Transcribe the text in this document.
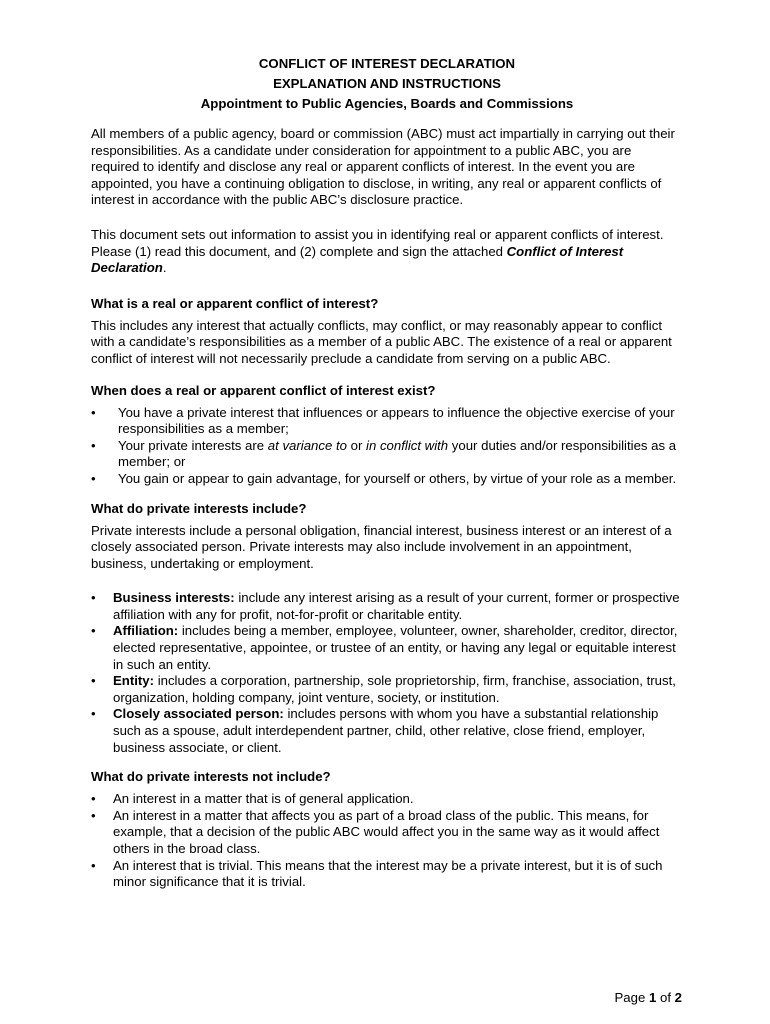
CONFLICT OF INTEREST DECLARATION
EXPLANATION AND INSTRUCTIONS
Appointment to Public Agencies, Boards and Commissions

All members of a public agency, board or commission (ABC) must act impartially in carrying out their responsibilities. As a candidate under consideration for appointment to a public ABC, you are required to identify and disclose any real or apparent conflicts of interest. In the event you are appointed, you have a continuing obligation to disclose, in writing, any real or apparent conflicts of interest in accordance with the public ABC’s disclosure practice.

This document sets out information to assist you in identifying real or apparent conflicts of interest. Please (1) read this document, and (2) complete and sign the attached Conflict of Interest Declaration.

What is a real or apparent conflict of interest?

This includes any interest that actually conflicts, may conflict, or may reasonably appear to conflict with a candidate’s responsibilities as a member of a public ABC. The existence of a real or apparent conflict of interest will not necessarily preclude a candidate from serving on a public ABC.

When does a real or apparent conflict of interest exist?
• You have a private interest that influences or appears to influence the objective exercise of your responsibilities as a member;
• Your private interests are at variance to or in conflict with your duties and/or responsibilities as a member; or
• You gain or appear to gain advantage, for yourself or others, by virtue of your role as a member.
What do private interests include?

Private interests include a personal obligation, financial interest, business interest or an interest of a closely associated person. Private interests may also include involvement in an appointment, business, undertaking or employment.

• Business interests: include any interest arising as a result of your current, former or prospective affiliation with any for profit, not-for-profit or charitable entity.
• Affiliation: includes being a member, employee, volunteer, owner, shareholder, creditor, director, elected representative, appointee, or trustee of an entity, or having any legal or equitable interest in such an entity.
• Entity: includes a corporation, partnership, sole proprietorship, firm, franchise, association, trust, organization, holding company, joint venture, society, or institution.
• Closely associated person: includes persons with whom you have a substantial relationship such as a spouse, adult interdependent partner, child, other relative, close friend, employer, business associate, or client.
What do private interests not include?
• An interest in a matter that is of general application.
• An interest in a matter that affects you as part of a broad class of the public. This means, for example, that a decision of the public ABC would affect you in the same way as it would affect others in the broad class.
• An interest that is trivial. This means that the interest may be a private interest, but it is of such minor significance that it is trivial.
Page 1 of 2
